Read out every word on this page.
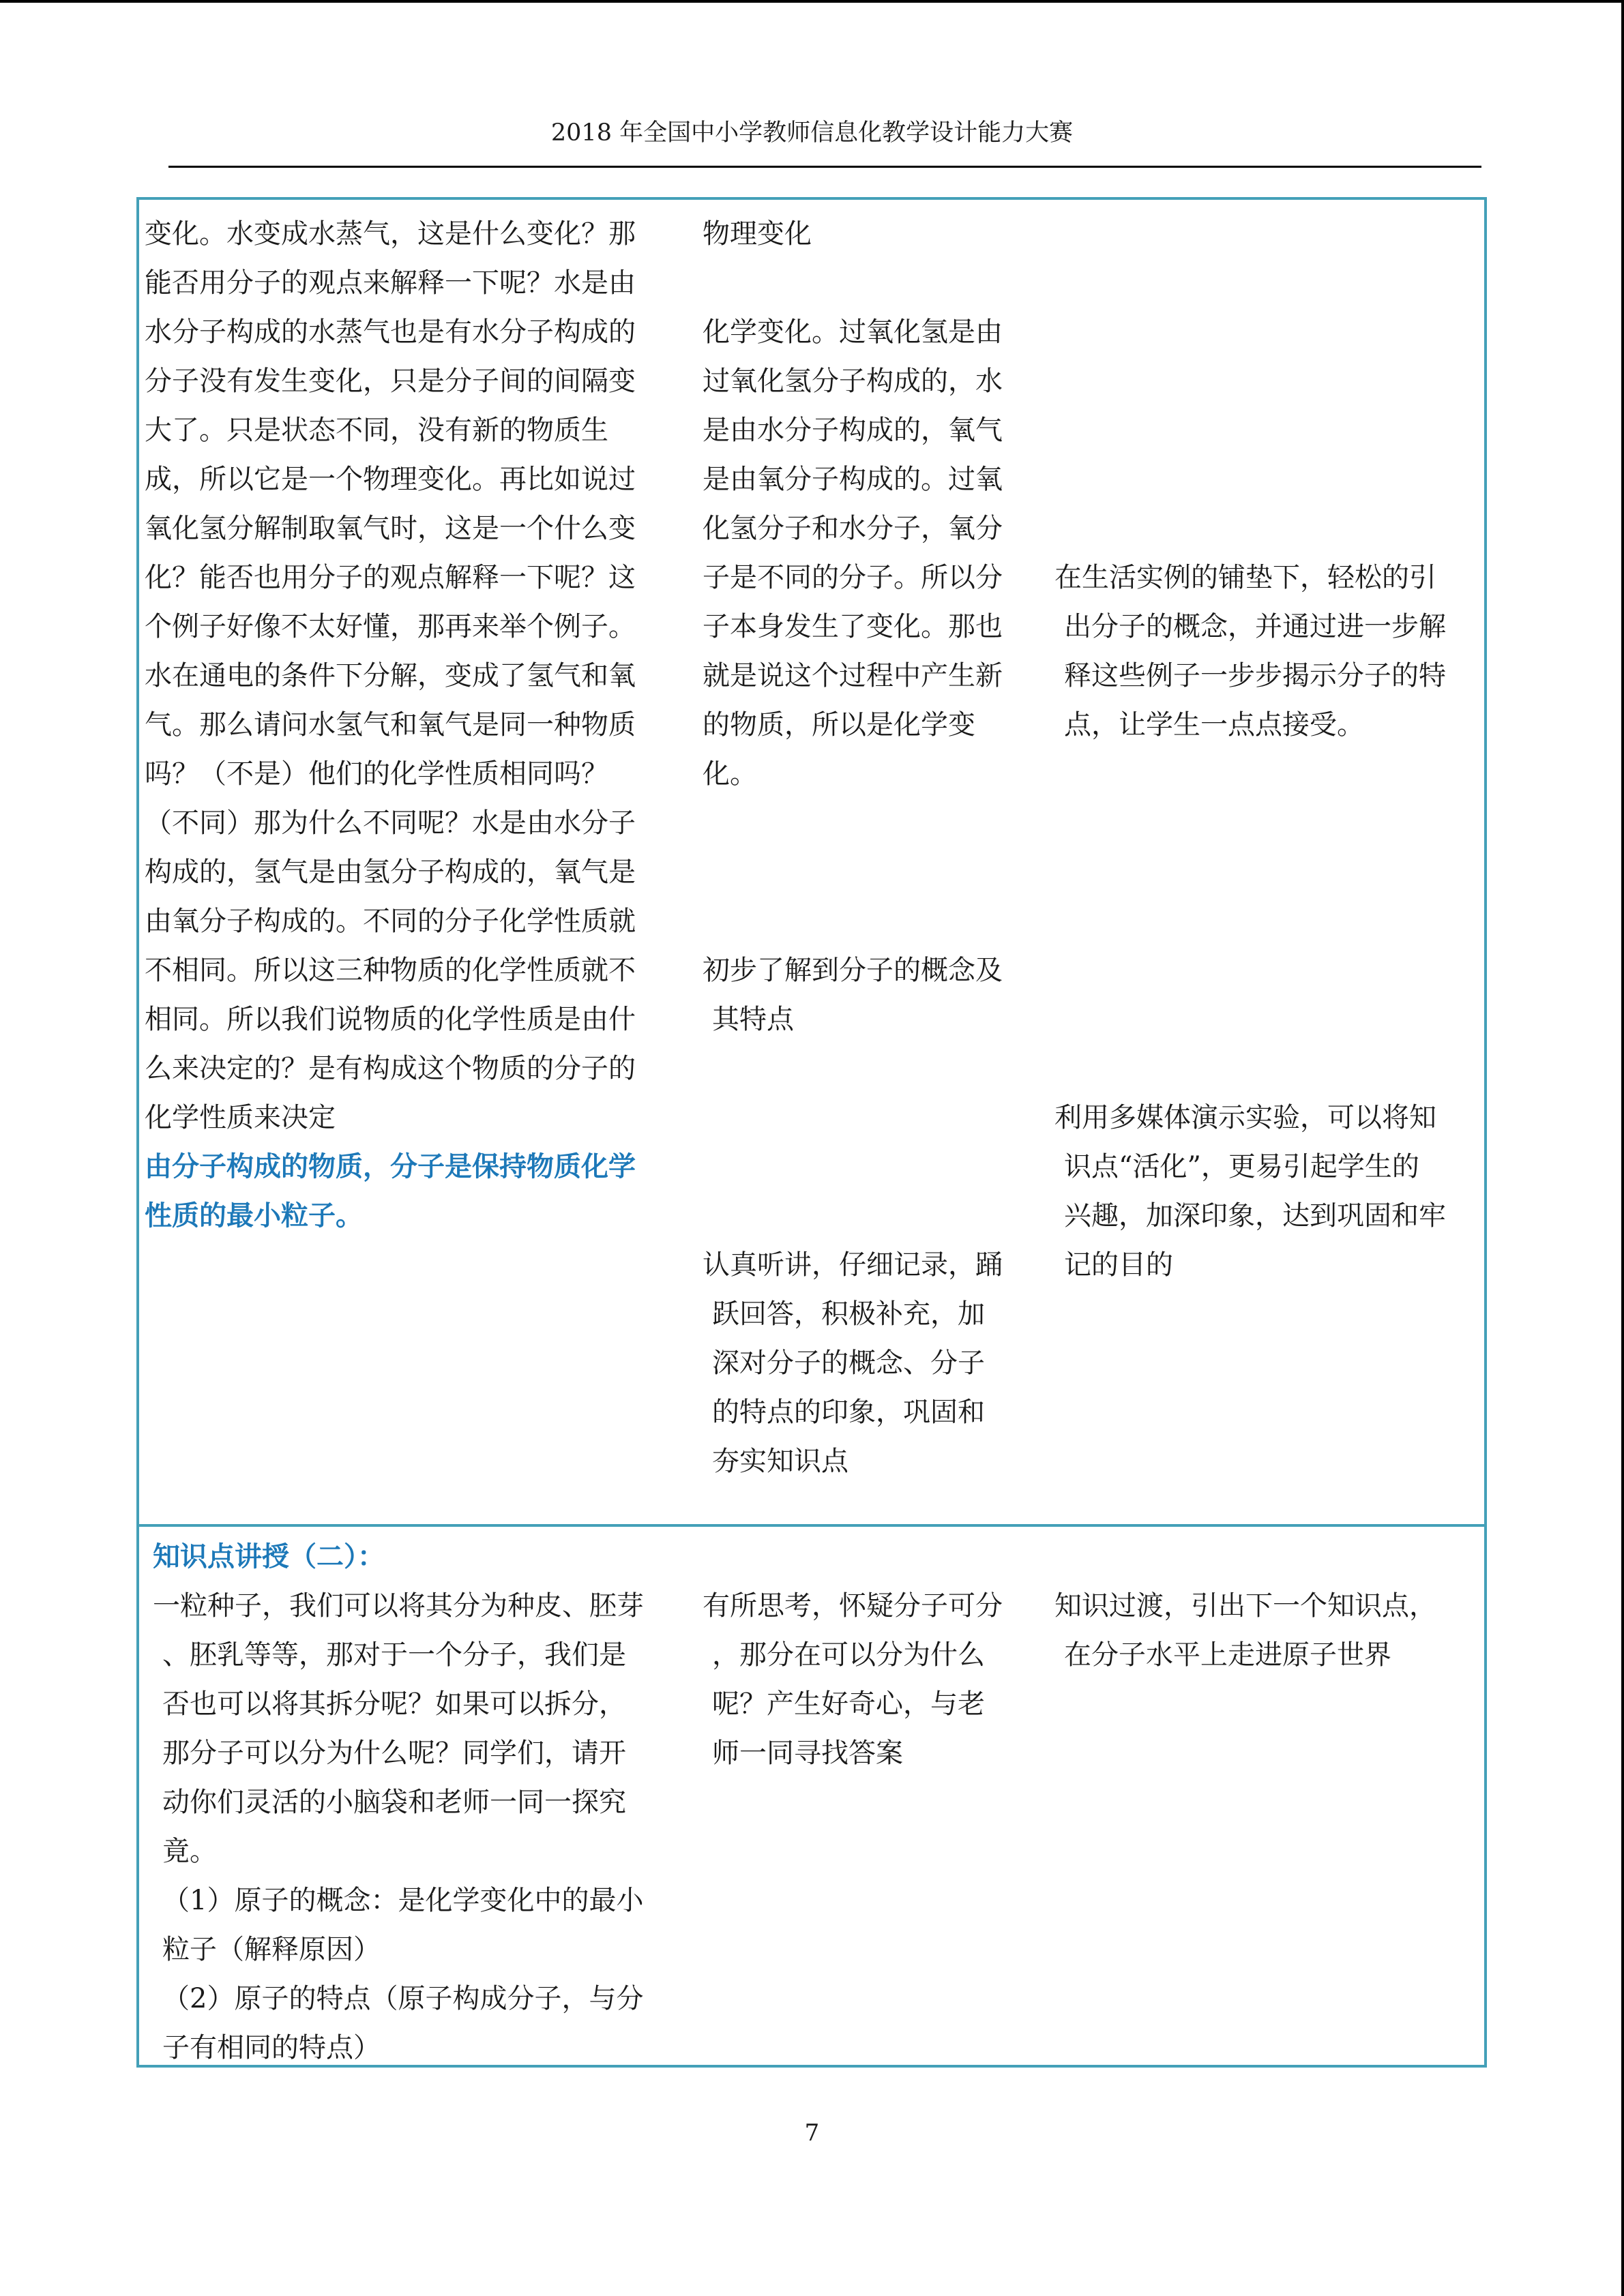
2018 年全国中小学教师信息化教学设计能力大赛

变化。水变成水蒸气，这是什么变化？那

能否用分子的观点来解释一下呢？水是由

水分子构成的水蒸气也是有水分子构成的

分子没有发生变化，只是分子间的间隔变

大了。只是状态不同，没有新的物质生

成，所以它是一个物理变化。再比如说过

氧化氢分解制取氧气时，这是一个什么变

化？能否也用分子的观点解释一下呢？这

个例子好像不太好懂，那再来举个例子。

水在通电的条件下分解，变成了氢气和氧

气。那么请问水氢气和氧气是同一种物质

吗？（不是）他们的化学性质相同吗？

（不同）那为什么不同呢？水是由水分子

构成的，氢气是由氢分子构成的，氧气是

由氧分子构成的。不同的分子化学性质就

不相同。所以这三种物质的化学性质就不

相同。所以我们说物质的化学性质是由什

么来决定的？是有构成这个物质的分子的

化学性质来决定

由分子构成的物质，分子是保持物质化学

性质的最小粒子。

物理变化

化学变化。过氧化氢是由

过氧化氢分子构成的，水

是由水分子构成的，氧气

是由氧分子构成的。过氧

化氢分子和水分子，氧分

子是不同的分子。所以分

子本身发生了变化。那也

就是说这个过程中产生新

的物质，所以是化学变

化。

初步了解到分子的概念及

其特点

认真听讲，仔细记录，踊

跃回答，积极补充，加

深对分子的概念、分子

的特点的印象，巩固和

夯实知识点

在生活实例的铺垫下，轻松的引

出分子的概念，并通过进一步解

释这些例子一步步揭示分子的特

点，让学生一点点接受。

利用多媒体演示实验，可以将知

识点“活化”，更易引起学生的

兴趣，加深印象，达到巩固和牢

记的目的

知识点讲授（二）：

一粒种子，我们可以将其分为种皮、胚芽

、胚乳等等，那对于一个分子，我们是

否也可以将其拆分呢？如果可以拆分，

那分子可以分为什么呢？同学们，请开

动你们灵活的小脑袋和老师一同一探究

竟。

（1）原子的概念：是化学变化中的最小

粒子（解释原因）

（2）原子的特点（原子构成分子，与分

子有相同的特点）

有所思考，怀疑分子可分

，那分在可以分为什么

呢？产生好奇心，与老

师一同寻找答案

知识过渡，引出下一个知识点，

在分子水平上走进原子世界

7
